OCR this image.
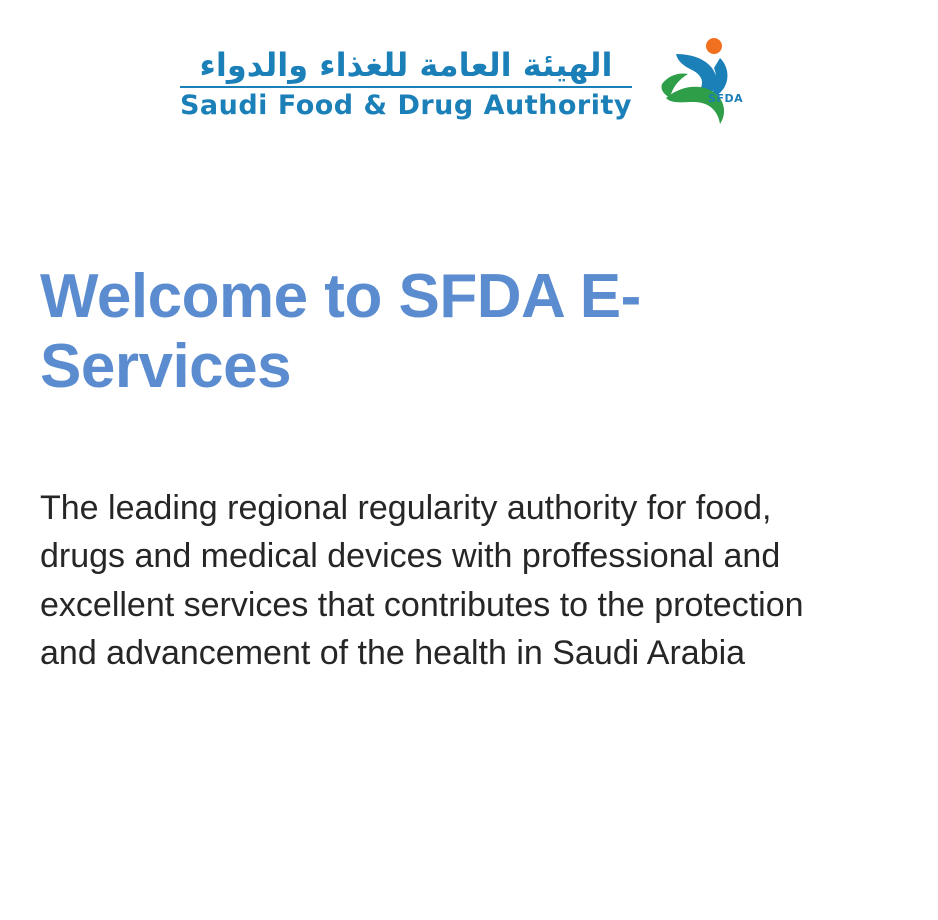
الهيئة العامة للغذاء والدواء
Saudi Food & Drug Authority	SFDA
Welcome to SFDA E-Services

The leading regional regularity authority for food, drugs and medical devices with proffessional and excellent services that contributes to the protection and advancement of the health in Saudi Arabia
